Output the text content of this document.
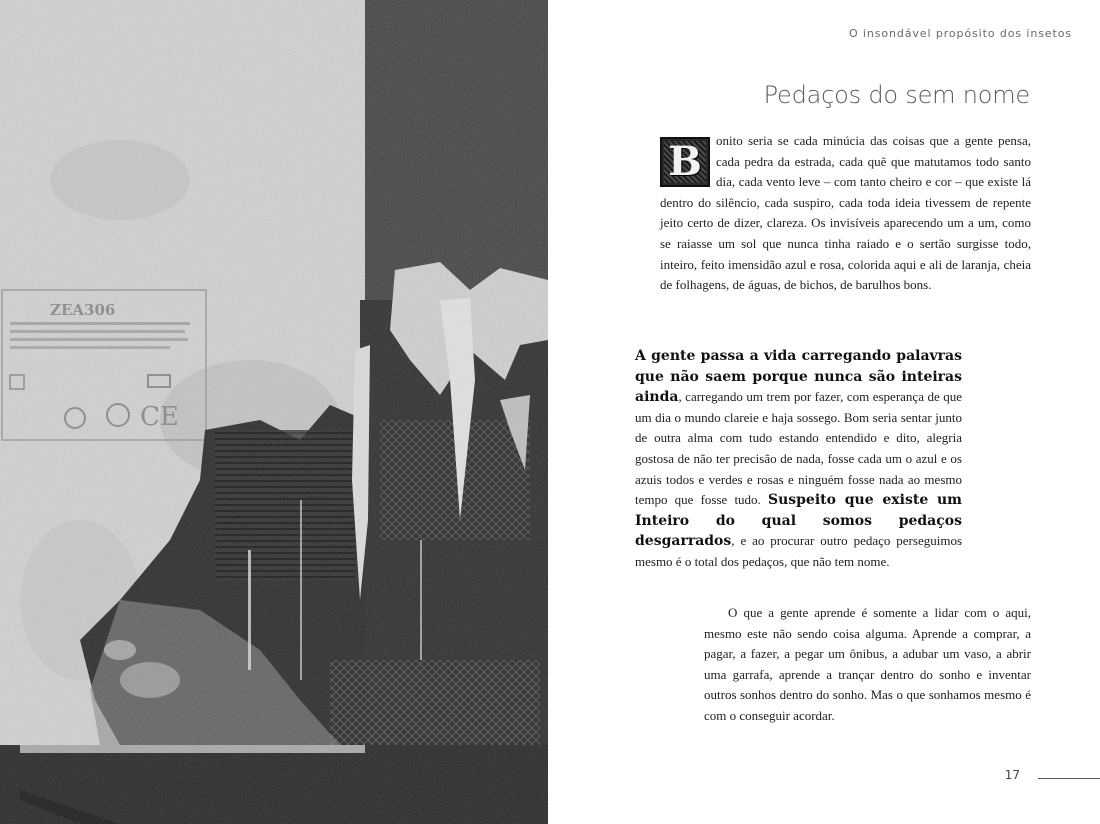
O insondável propósito dos insetos
Pedaços do sem nome

B	onito seria se cada minúcia das coisas que a gente pensa, cada pedra da estrada, cada quê que matutamos todo santo dia, cada vento leve – com tanto cheiro e cor – que existe lá dentro do silêncio, cada suspiro, cada toda ideia tivessem de repente jeito certo de dizer, clareza. Os invisíveis aparecendo um a um, como se raiasse um sol que nunca tinha raiado e o sertão surgisse todo, inteiro, feito imensidão azul e rosa, colorida aqui e ali de laranja, cheia de folhagens, de águas, de bichos, de barulhos bons.

A gente passa a vida carregando palavras que não saem porque nunca são inteiras ainda, carregando um trem por fazer, com esperança de que um dia o mundo clareie e haja sossego. Bom seria sentar junto de outra alma com tudo estando entendido e dito, alegria gostosa de não ter precisão de nada, fosse cada um o azul e os azuis todos e verdes e rosas e ninguém fosse nada ao mesmo tempo que fosse tudo. Suspeito que existe um Inteiro do qual somos pedaços desgarrados, e ao procurar outro pedaço perseguimos mesmo é o total dos pedaços, que não tem nome.

O que a gente aprende é somente a lidar com o aqui, mesmo este não sendo coisa alguma. Aprende a comprar, a pagar, a fazer, a pegar um ônibus, a adubar um vaso, a abrir uma garrafa, aprende a trançar dentro do sonho e inventar outros sonhos dentro do sonho. Mas o que sonhamos mesmo é com o conseguir acordar.

17
